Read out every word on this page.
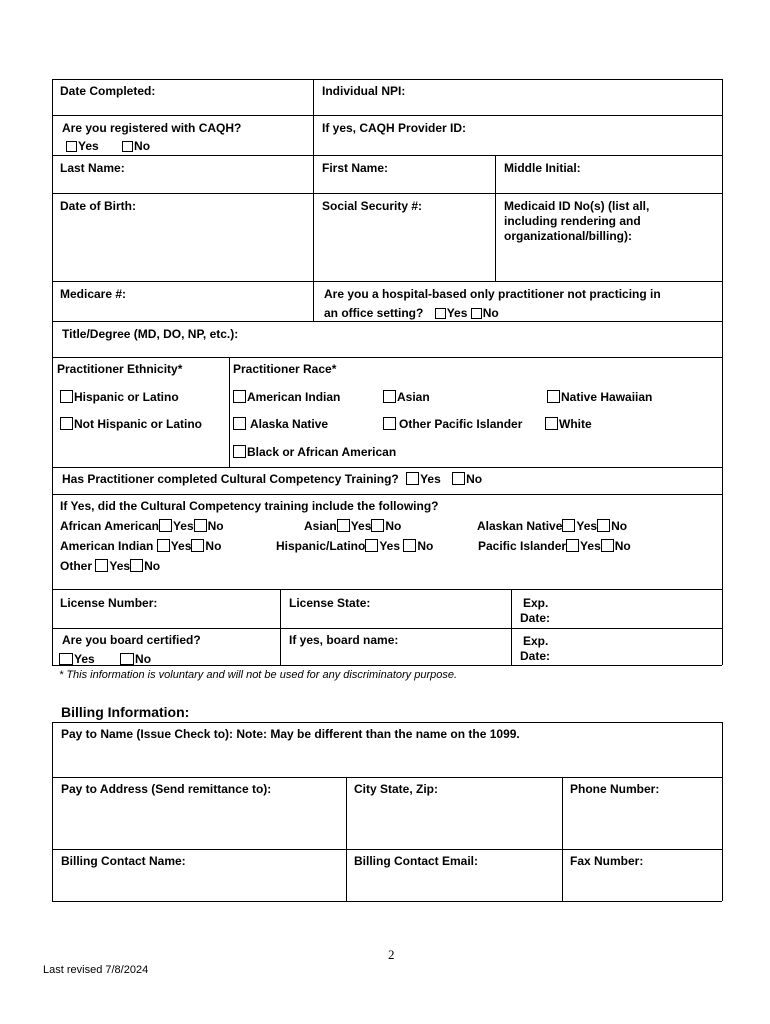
Date Completed:	Individual NPI:
Are you registered with CAQH?
Yes	No
If yes, CAQH Provider ID:
Last Name:	First Name:	Middle Initial:
Date of Birth:	Social Security #:	Medicaid ID No(s) (list all,
including rendering and
organizational/billing):
Medicare #:	Are you a hospital-based only practitioner not practicing in
an office setting? Yes No
Title/Degree (MD, DO, NP, etc.):
Practitioner Ethnicity*	Practitioner Race*
Hispanic or Latino
Not Hispanic or Latino
American Indian	Asian	Native Hawaiian
Alaska Native	Other Pacific Islander	White
Black or African American
Has Practitioner completed Cultural Competency Training? Yes No
If Yes, did the Cultural Competency training include the following?
African American Yes No	Asian Yes No	Alaskan Native Yes No
American Indian Yes No	Hispanic/Latino Yes No	Pacific Islander Yes No
Other Yes No
License Number:	License State:	Exp.
Date:
Are you board certified?
Yes	No
If yes, board name:	Exp.
Date:
* This information is voluntary and will not be used for any discriminatory purpose.
Billing Information:
Pay to Name (Issue Check to): Note: May be different than the name on the 1099.
Pay to Address (Send remittance to):	City State, Zip:	Phone Number:
Billing Contact Name:	Billing Contact Email:	Fax Number:
2
Last revised 7/8/2024
